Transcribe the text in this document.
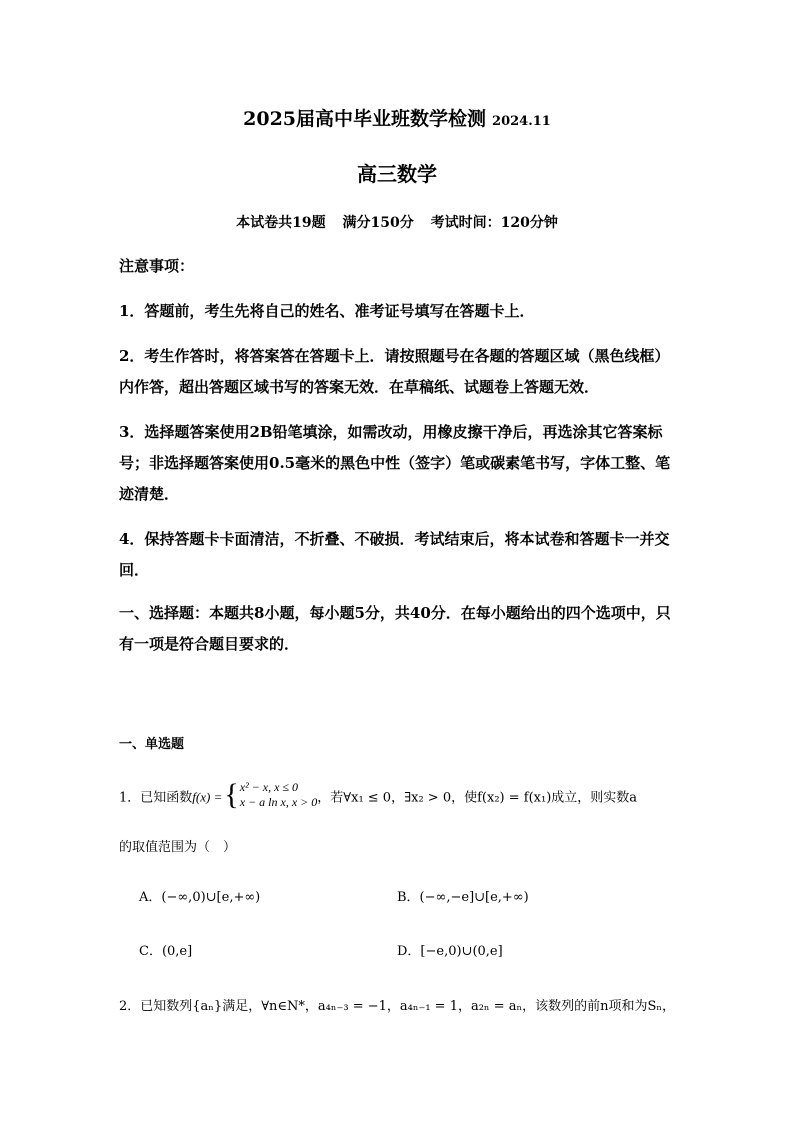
2025届高中毕业班数学检测 2024.11
高三数学
本试卷共19题 满分150分 考试时间：120分钟
注意事项：
1．答题前，考生先将自己的姓名、准考证号填写在答题卡上．
2．考生作答时，将答案答在答题卡上．请按照题号在各题的答题区域（黑色线框）内作答，超出答题区域书写的答案无效．在草稿纸、试题卷上答题无效．
3．选择题答案使用2B铅笔填涂，如需改动，用橡皮擦干净后，再选涂其它答案标号；非选择题答案使用0.5毫米的黑色中性（签字）笔或碳素笔书写，字体工整、笔迹清楚．
4．保持答题卡卡面清洁，不折叠、不破损．考试结束后，将本试卷和答题卡一并交回．
一、选择题：本题共8小题，每小题5分，共40分．在每小题给出的四个选项中，只有一项是符合题目要求的．
一、单选题
1．已知函数f(x) ={ x² − x, x ≤ 0
x − a ln x, x > 0 ，若∀x₁ ≤ 0，∃x₂ > 0，使f(x₂) = f(x₁)成立，则实数a
的取值范围为（　）
A．(−∞,0)∪[e,+∞)	B．(−∞,−e]∪[e,+∞)
C．(0,e]	D．[−e,0)∪(0,e]
2．已知数列{aₙ}满足，∀n∈N*，a₄ₙ₋₃ = −1，a₄ₙ₋₁ = 1，a₂ₙ = aₙ，该数列的前n项和为Sₙ，
